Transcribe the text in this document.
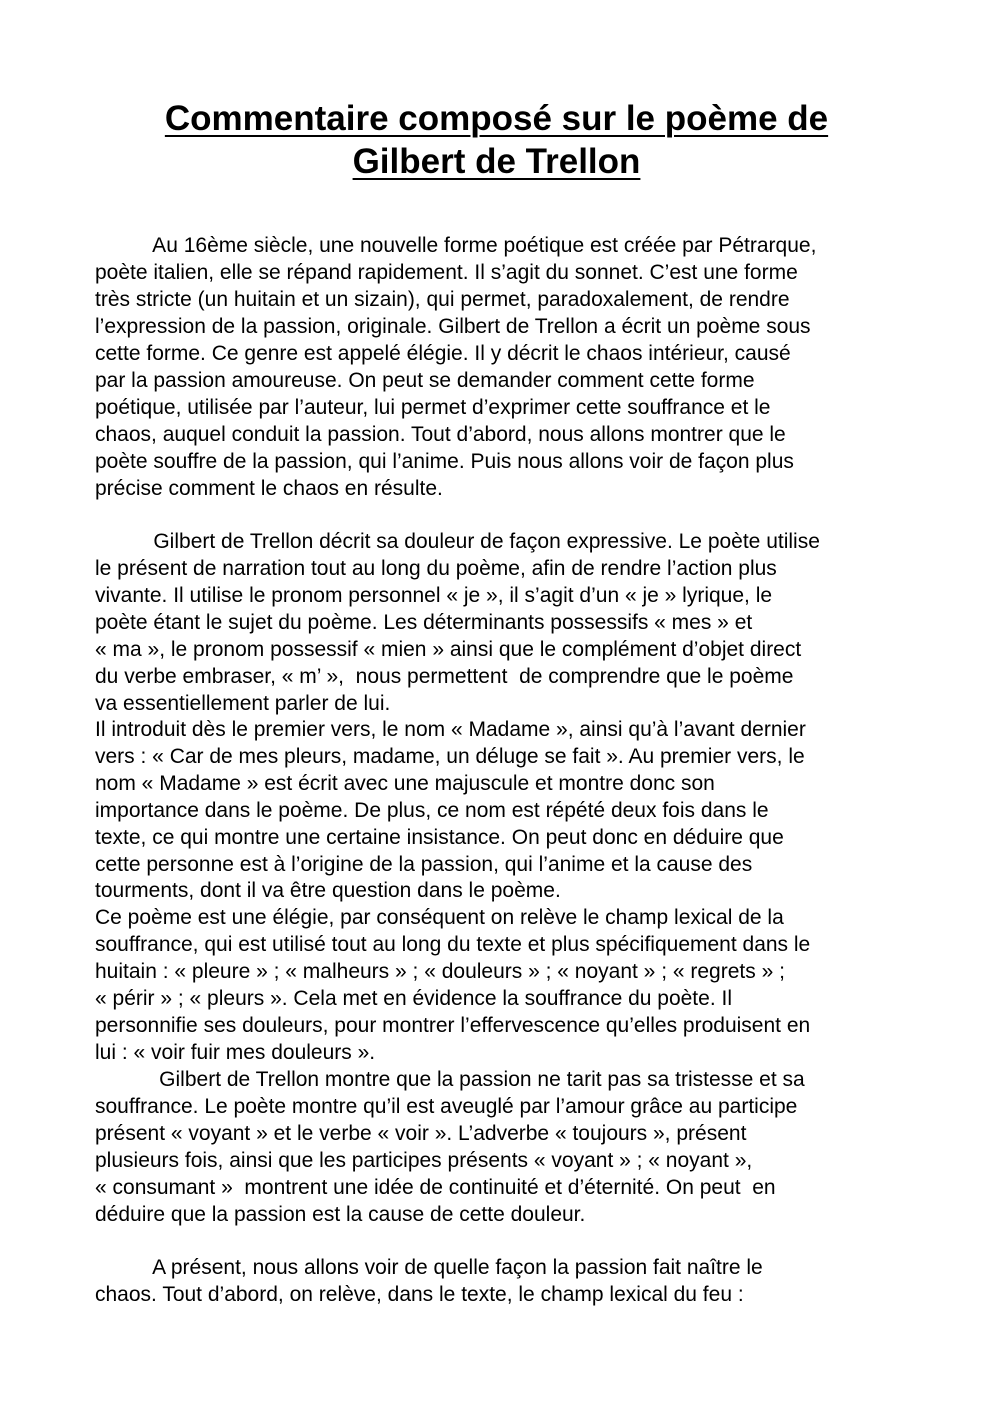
Commentaire composé sur le poème de
Gilbert de Trellon

Au 16ème siècle, une nouvelle forme poétique est créée par Pétrarque,

poète italien, elle se répand rapidement. Il s’agit du sonnet. C’est une forme

très stricte (un huitain et un sizain), qui permet, paradoxalement, de rendre

l’expression de la passion, originale. Gilbert de Trellon a écrit un poème sous

cette forme. Ce genre est appelé élégie. Il y décrit le chaos intérieur, causé

par la passion amoureuse. On peut se demander comment cette forme

poétique, utilisée par l’auteur, lui permet d’exprimer cette souffrance et le

chaos, auquel conduit la passion. Tout d’abord, nous allons montrer que le

poète souffre de la passion, qui l’anime. Puis nous allons voir de façon plus

précise comment le chaos en résulte.

Gilbert de Trellon décrit sa douleur de façon expressive. Le poète utilise

le présent de narration tout au long du poème, afin de rendre l’action plus

vivante. Il utilise le pronom personnel « je », il s’agit d’un « je » lyrique, le

poète étant le sujet du poème. Les déterminants possessifs « mes » et

« ma », le pronom possessif « mien » ainsi que le complément d’objet direct

du verbe embraser, « m’ »,  nous permettent  de comprendre que le poème

va essentiellement parler de lui.

Il introduit dès le premier vers, le nom « Madame », ainsi qu’à l’avant dernier

vers : « Car de mes pleurs, madame, un déluge se fait ». Au premier vers, le

nom « Madame » est écrit avec une majuscule et montre donc son

importance dans le poème. De plus, ce nom est répété deux fois dans le

texte, ce qui montre une certaine insistance. On peut donc en déduire que

cette personne est à l’origine de la passion, qui l’anime et la cause des

tourments, dont il va être question dans le poème.

Ce poème est une élégie, par conséquent on relève le champ lexical de la

souffrance, qui est utilisé tout au long du texte et plus spécifiquement dans le

huitain : « pleure » ; « malheurs » ; « douleurs » ; « noyant » ; « regrets » ;

« périr » ; « pleurs ». Cela met en évidence la souffrance du poète. Il

personnifie ses douleurs, pour montrer l’effervescence qu’elles produisent en

lui : « voir fuir mes douleurs ».

Gilbert de Trellon montre que la passion ne tarit pas sa tristesse et sa

souffrance. Le poète montre qu’il est aveuglé par l’amour grâce au participe

présent « voyant » et le verbe « voir ». L’adverbe « toujours », présent

plusieurs fois, ainsi que les participes présents « voyant » ; « noyant »,

« consumant »  montrent une idée de continuité et d’éternité. On peut  en

déduire que la passion est la cause de cette douleur.

A présent, nous allons voir de quelle façon la passion fait naître le

chaos. Tout d’abord, on relève, dans le texte, le champ lexical du feu :
